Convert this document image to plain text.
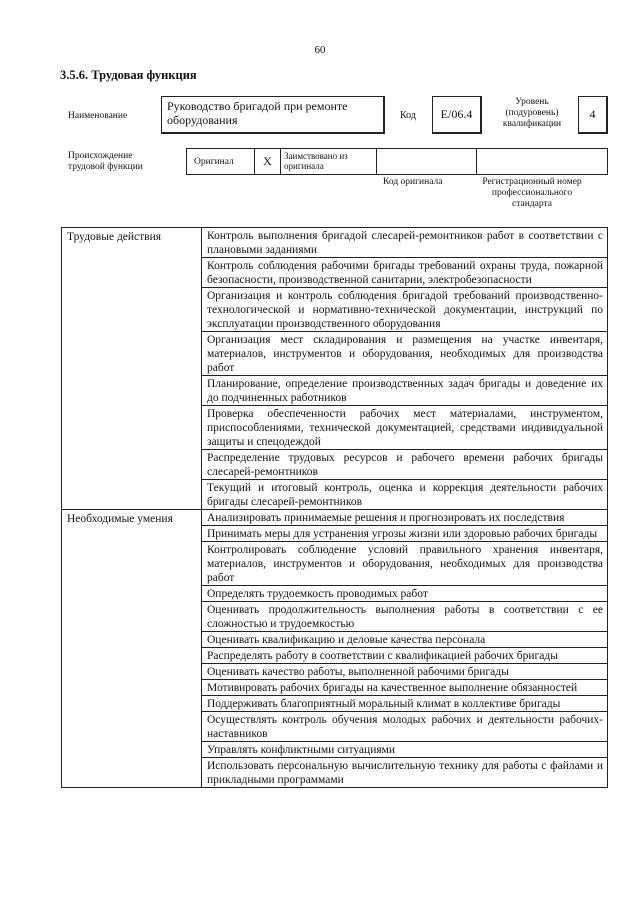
60
3.5.6. Трудовая функция
Наименование
Руководство бригадой при ремонте оборудования	Код	E/06.4
Уровень (подуровень) квалификации
4
Происхождение трудовой функции
Оригинал	X	Заимствовано из оригинала
Код оригинала	Регистрационный номер профессионального стандарта
Трудовые действия	Контроль выполнения бригадой слесарей-ремонтников работ в соответствии с плановыми заданиями
	Контроль соблюдения рабочими бригады требований охраны труда, пожарной безопасности, производственной санитарии, электробезопасности
	Организация и контроль соблюдения бригадой требований производственно-технологической и нормативно-технической документации, инструкций по эксплуатации производственного оборудования
	Организация мест складирования и размещения на участке инвентаря, материалов, инструментов и оборудования, необходимых для производства работ
	Планирование, определение производственных задач бригады и доведение их до подчиненных работников
	Проверка обеспеченности рабочих мест материалами, инструментом, приспособлениями, технической документацией, средствами индивидуальной защиты и спецодеждой
	Распределение трудовых ресурсов и рабочего времени рабочих бригады слесарей-ремонтников
	Текущий и итоговый контроль, оценка и коррекция деятельности рабочих бригады слесарей-ремонтников
Необходимые умения	Анализировать принимаемые решения и прогнозировать их последствия
	Принимать меры для устранения угрозы жизни или здоровью рабочих бригады
	Контролировать соблюдение условий правильного хранения инвентаря, материалов, инструментов и оборудования, необходимых для производства работ
	Определять трудоемкость проводимых работ
	Оценивать продолжительность выполнения работы в соответствии с ее сложностью и трудоемкостью
	Оценивать квалификацию и деловые качества персонала
	Распределять работу в соответствии с квалификацией рабочих бригады
	Оценивать качество работы, выполненной рабочими бригады
	Мотивировать рабочих бригады на качественное выполнение обязанностей
	Поддерживать благоприятный моральный климат в коллективе бригады
	Осуществлять контроль обучения молодых рабочих и деятельности рабочих-наставников
	Управлять конфликтными ситуациями
	Использовать персональную вычислительную технику для работы с файлами и прикладными программами
